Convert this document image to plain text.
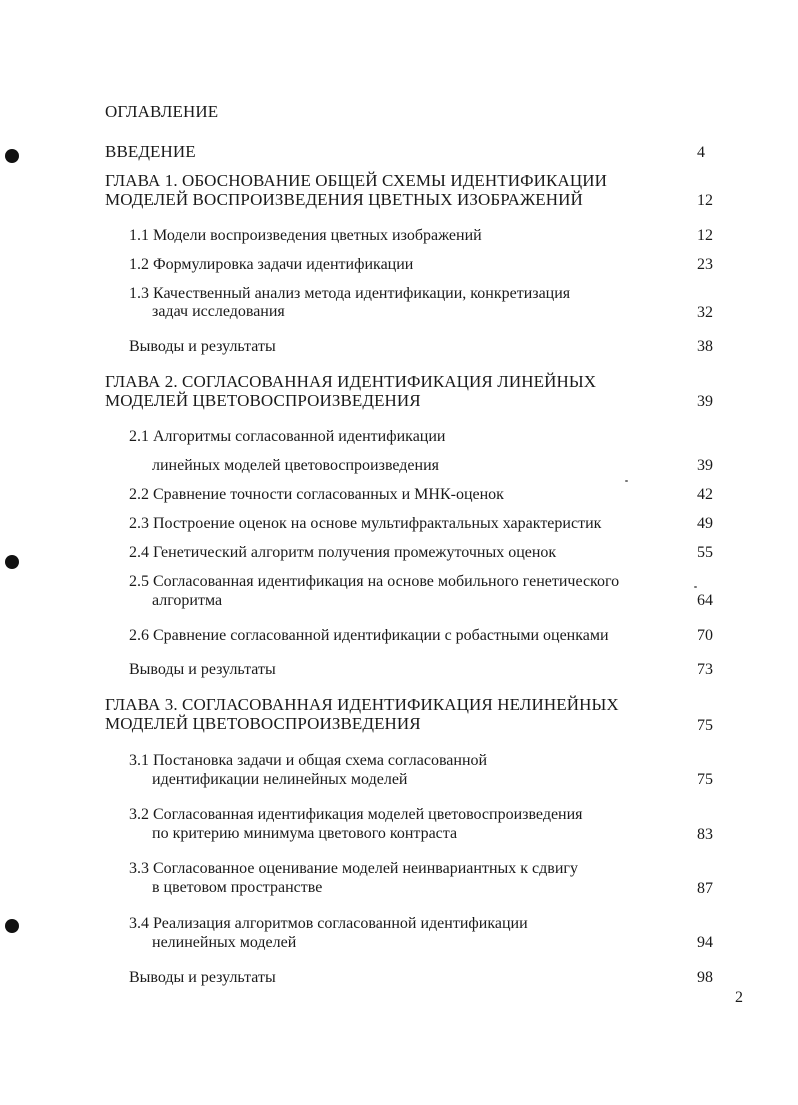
ОГЛАВЛЕНИЕ
ВВЕДЕНИЕ	4
ГЛАВА 1. ОБОСНОВАНИЕ ОБЩЕЙ СХЕМЫ ИДЕНТИФИКАЦИИ
МОДЕЛЕЙ ВОСПРОИЗВЕДЕНИЯ ЦВЕТНЫХ ИЗОБРАЖЕНИЙ	12
1.1 Модели воспроизведения цветных изображений	12
1.2 Формулировка задачи идентификации	23
1.3 Качественный анализ метода идентификации, конкретизация
задач исследования	32
Выводы и результаты	38
ГЛАВА 2. СОГЛАСОВАННАЯ ИДЕНТИФИКАЦИЯ ЛИНЕЙНЫХ
МОДЕЛЕЙ ЦВЕТОВОСПРОИЗВЕДЕНИЯ	39
2.1 Алгоритмы согласованной идентификации
линейных моделей цветовоспроизведения	39
2.2 Сравнение точности согласованных и МНК-оценок	42
2.3 Построение оценок на основе мультифрактальных характеристик	49
2.4 Генетический алгоритм получения промежуточных оценок	55
2.5 Согласованная идентификация на основе мобильного генетического
алгоритма	64
2.6 Сравнение согласованной идентификации с робастными оценками	70
Выводы и результаты	73
ГЛАВА 3. СОГЛАСОВАННАЯ ИДЕНТИФИКАЦИЯ НЕЛИНЕЙНЫХ
МОДЕЛЕЙ ЦВЕТОВОСПРОИЗВЕДЕНИЯ	75
3.1 Постановка задачи и общая схема согласованной
идентификации нелинейных моделей	75
3.2 Согласованная идентификация моделей цветовоспроизведения
по критерию минимума цветового контраста	83
3.3 Согласованное оценивание моделей неинвариантных к сдвигу
в цветовом пространстве	87
3.4 Реализация алгоритмов согласованной идентификации
нелинейных моделей	94
Выводы и результаты	98
2
